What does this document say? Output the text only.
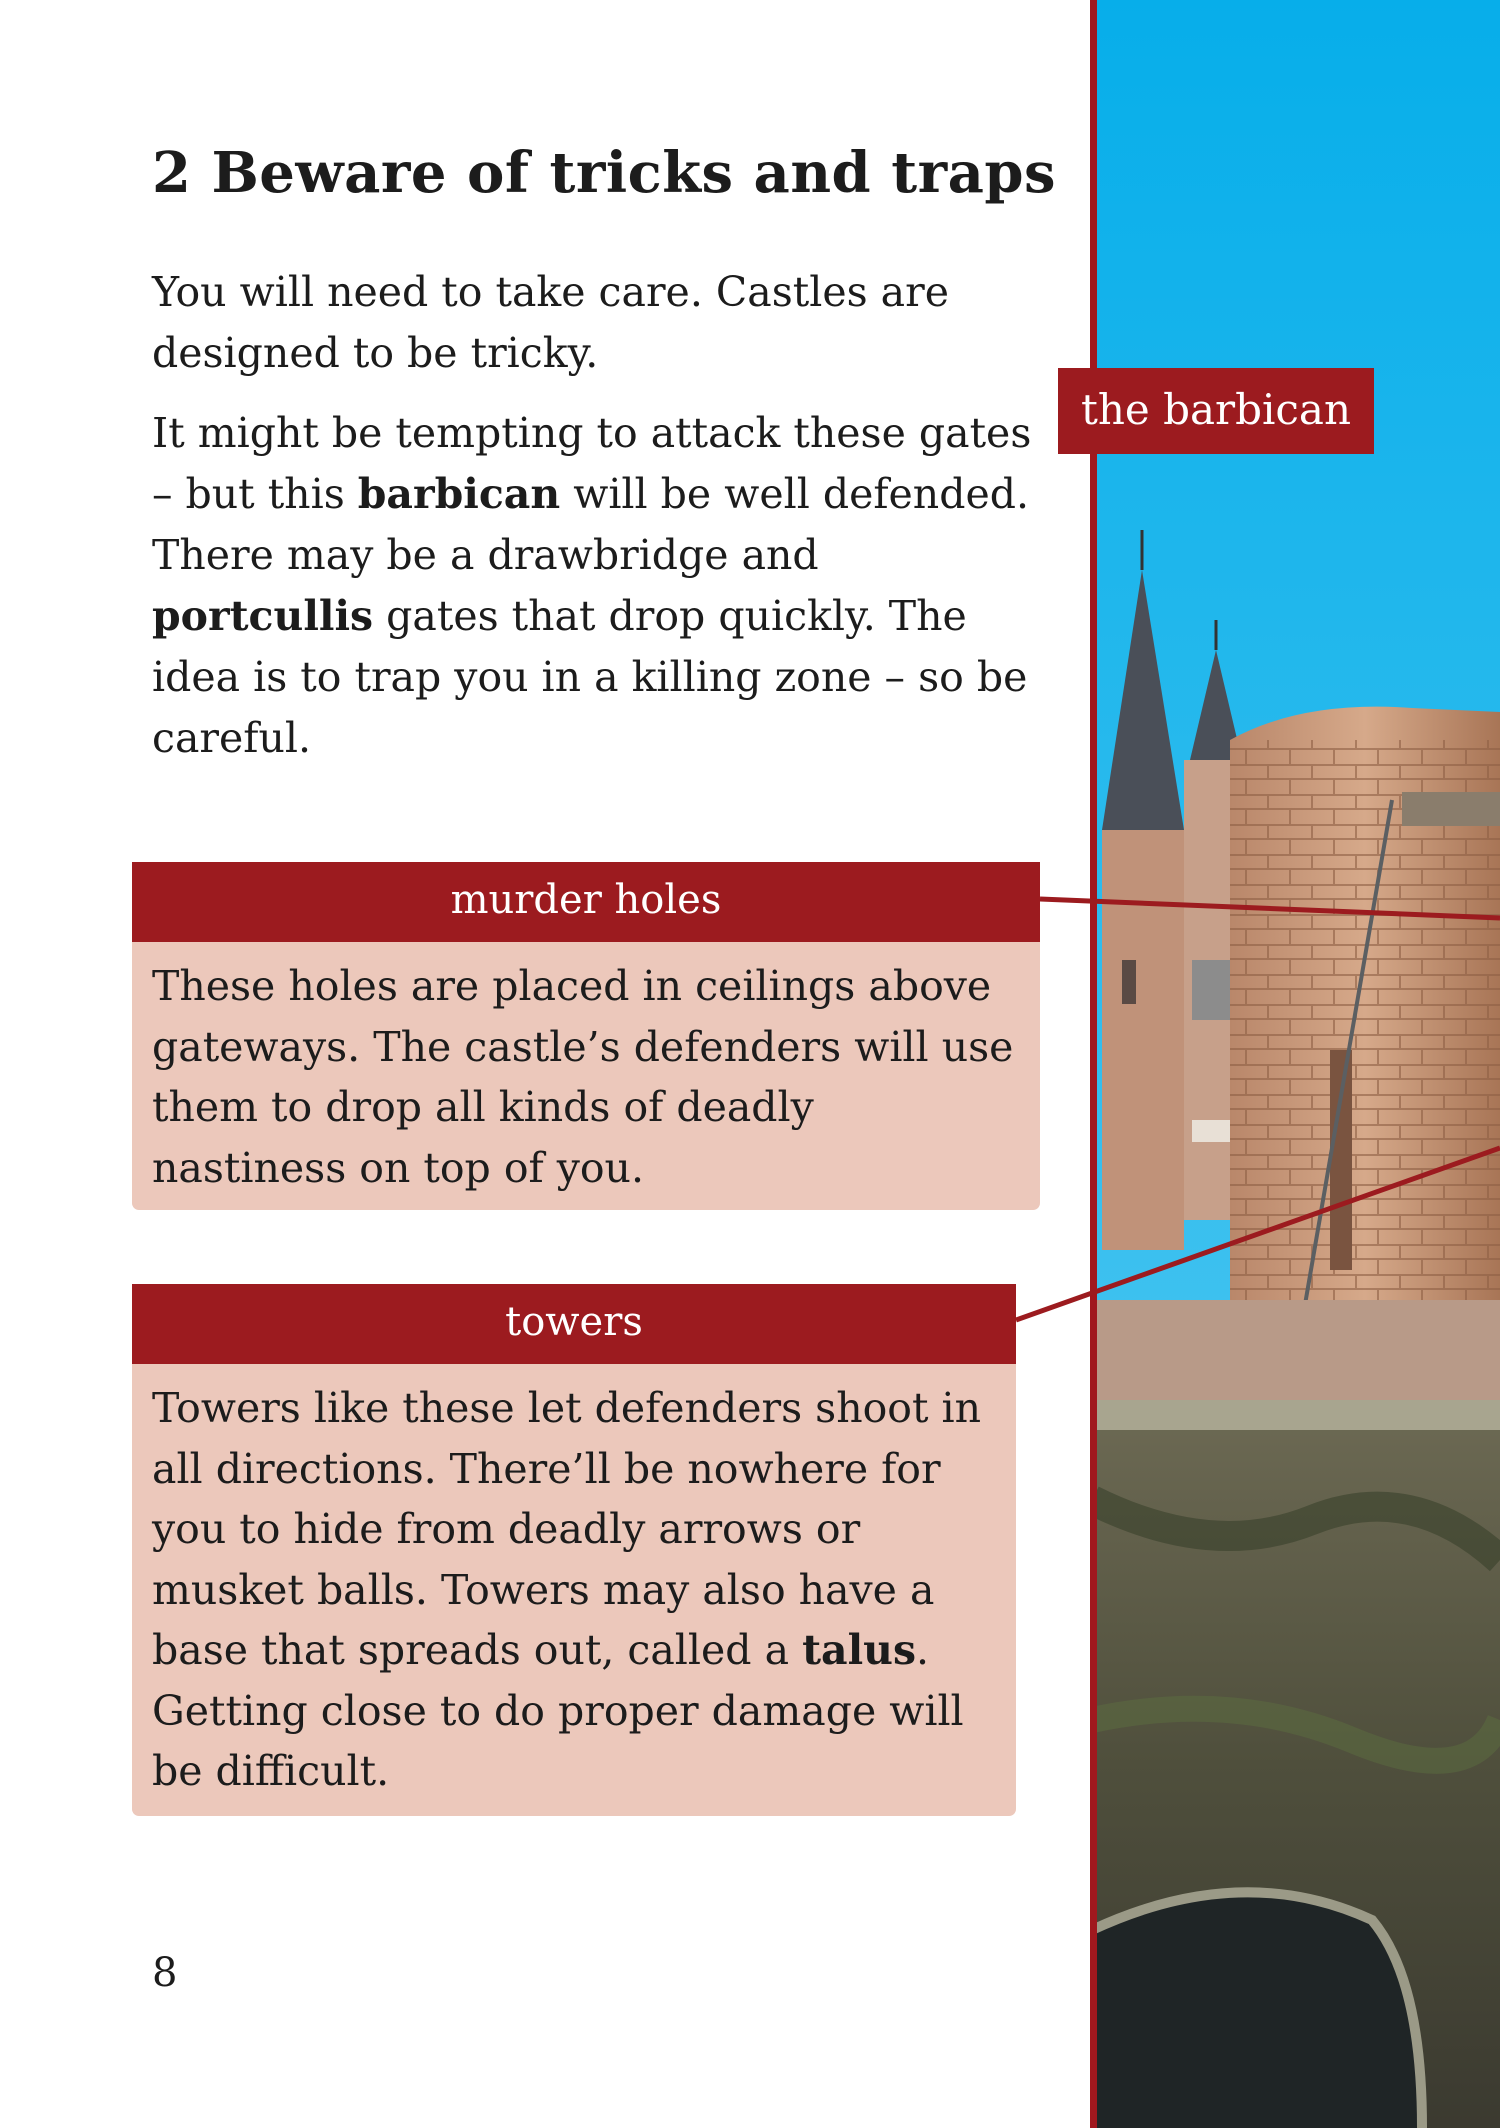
2 Beware of tricks and traps

You will need to take care. Castles are designed to be tricky.

It might be tempting to attack these gates – but this barbican will be well defended. There may be a drawbridge and portcullis gates that drop quickly. The idea is to trap you in a killing zone – so be careful.

murder holes
These holes are placed in ceilings above gateways. The castle’s defenders will use them to drop all kinds of deadly nastiness on top of you.
towers
Towers like these let defenders shoot in all directions. There’ll be nowhere for you to hide from deadly arrows or musket balls. Towers may also have a base that spreads out, called a talus. Getting close to do proper damage will be difficult.
8
the barbican
